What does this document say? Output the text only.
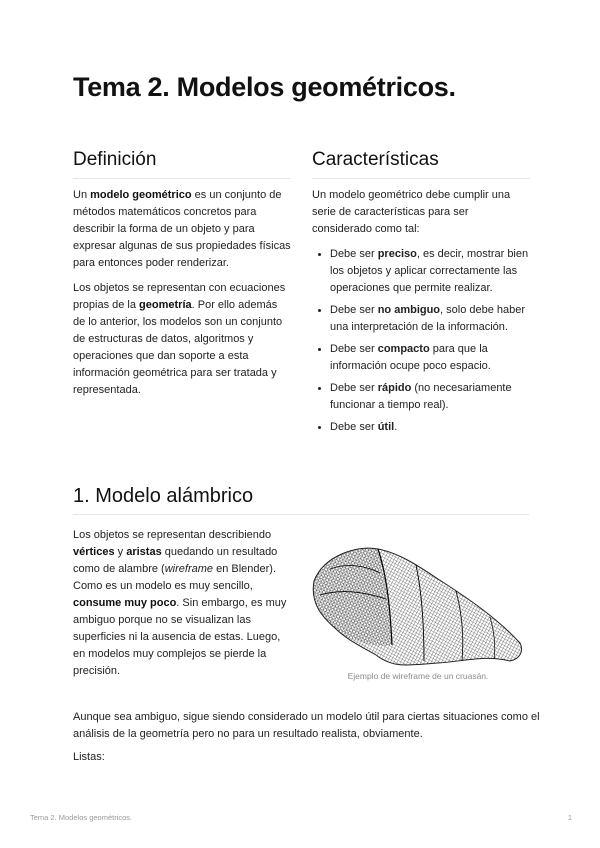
Tema 2. Modelos geométricos.
Definición

Un modelo geométrico es un conjunto de métodos matemáticos concretos para describir la forma de un objeto y para expresar algunas de sus propiedades físicas para entonces poder renderizar.

Los objetos se representan con ecuaciones propias de la geometría. Por ello además de lo anterior, los modelos son un conjunto de estructuras de datos, algoritmos y operaciones que dan soporte a esta información geométrica para ser tratada y representada.

Características

Un modelo geométrico debe cumplir una serie de características para ser considerado como tal:

• Debe ser preciso, es decir, mostrar bien los objetos y aplicar correctamente las operaciones que permite realizar.
• Debe ser no ambiguo, solo debe haber una interpretación de la información.
• Debe ser compacto para que la información ocupe poco espacio.
• Debe ser rápido (no necesariamente funcionar a tiempo real).
• Debe ser útil.
1. Modelo alámbrico

Los objetos se representan describiendo vértices y aristas quedando un resultado como de alambre (wireframe en Blender). Como es un modelo es muy sencillo, consume muy poco. Sin embargo, es muy ambiguo porque no se visualizan las superficies ni la ausencia de estas. Luego, en modelos muy complejos se pierde la precisión.	Ejemplo de wireframe de un cruasán.

Aunque sea ambiguo, sigue siendo considerado un modelo útil para ciertas situaciones como el análisis de la geometría pero no para un resultado realista, obviamente.

Listas:

Tema 2. Modelos geométricos.	1
